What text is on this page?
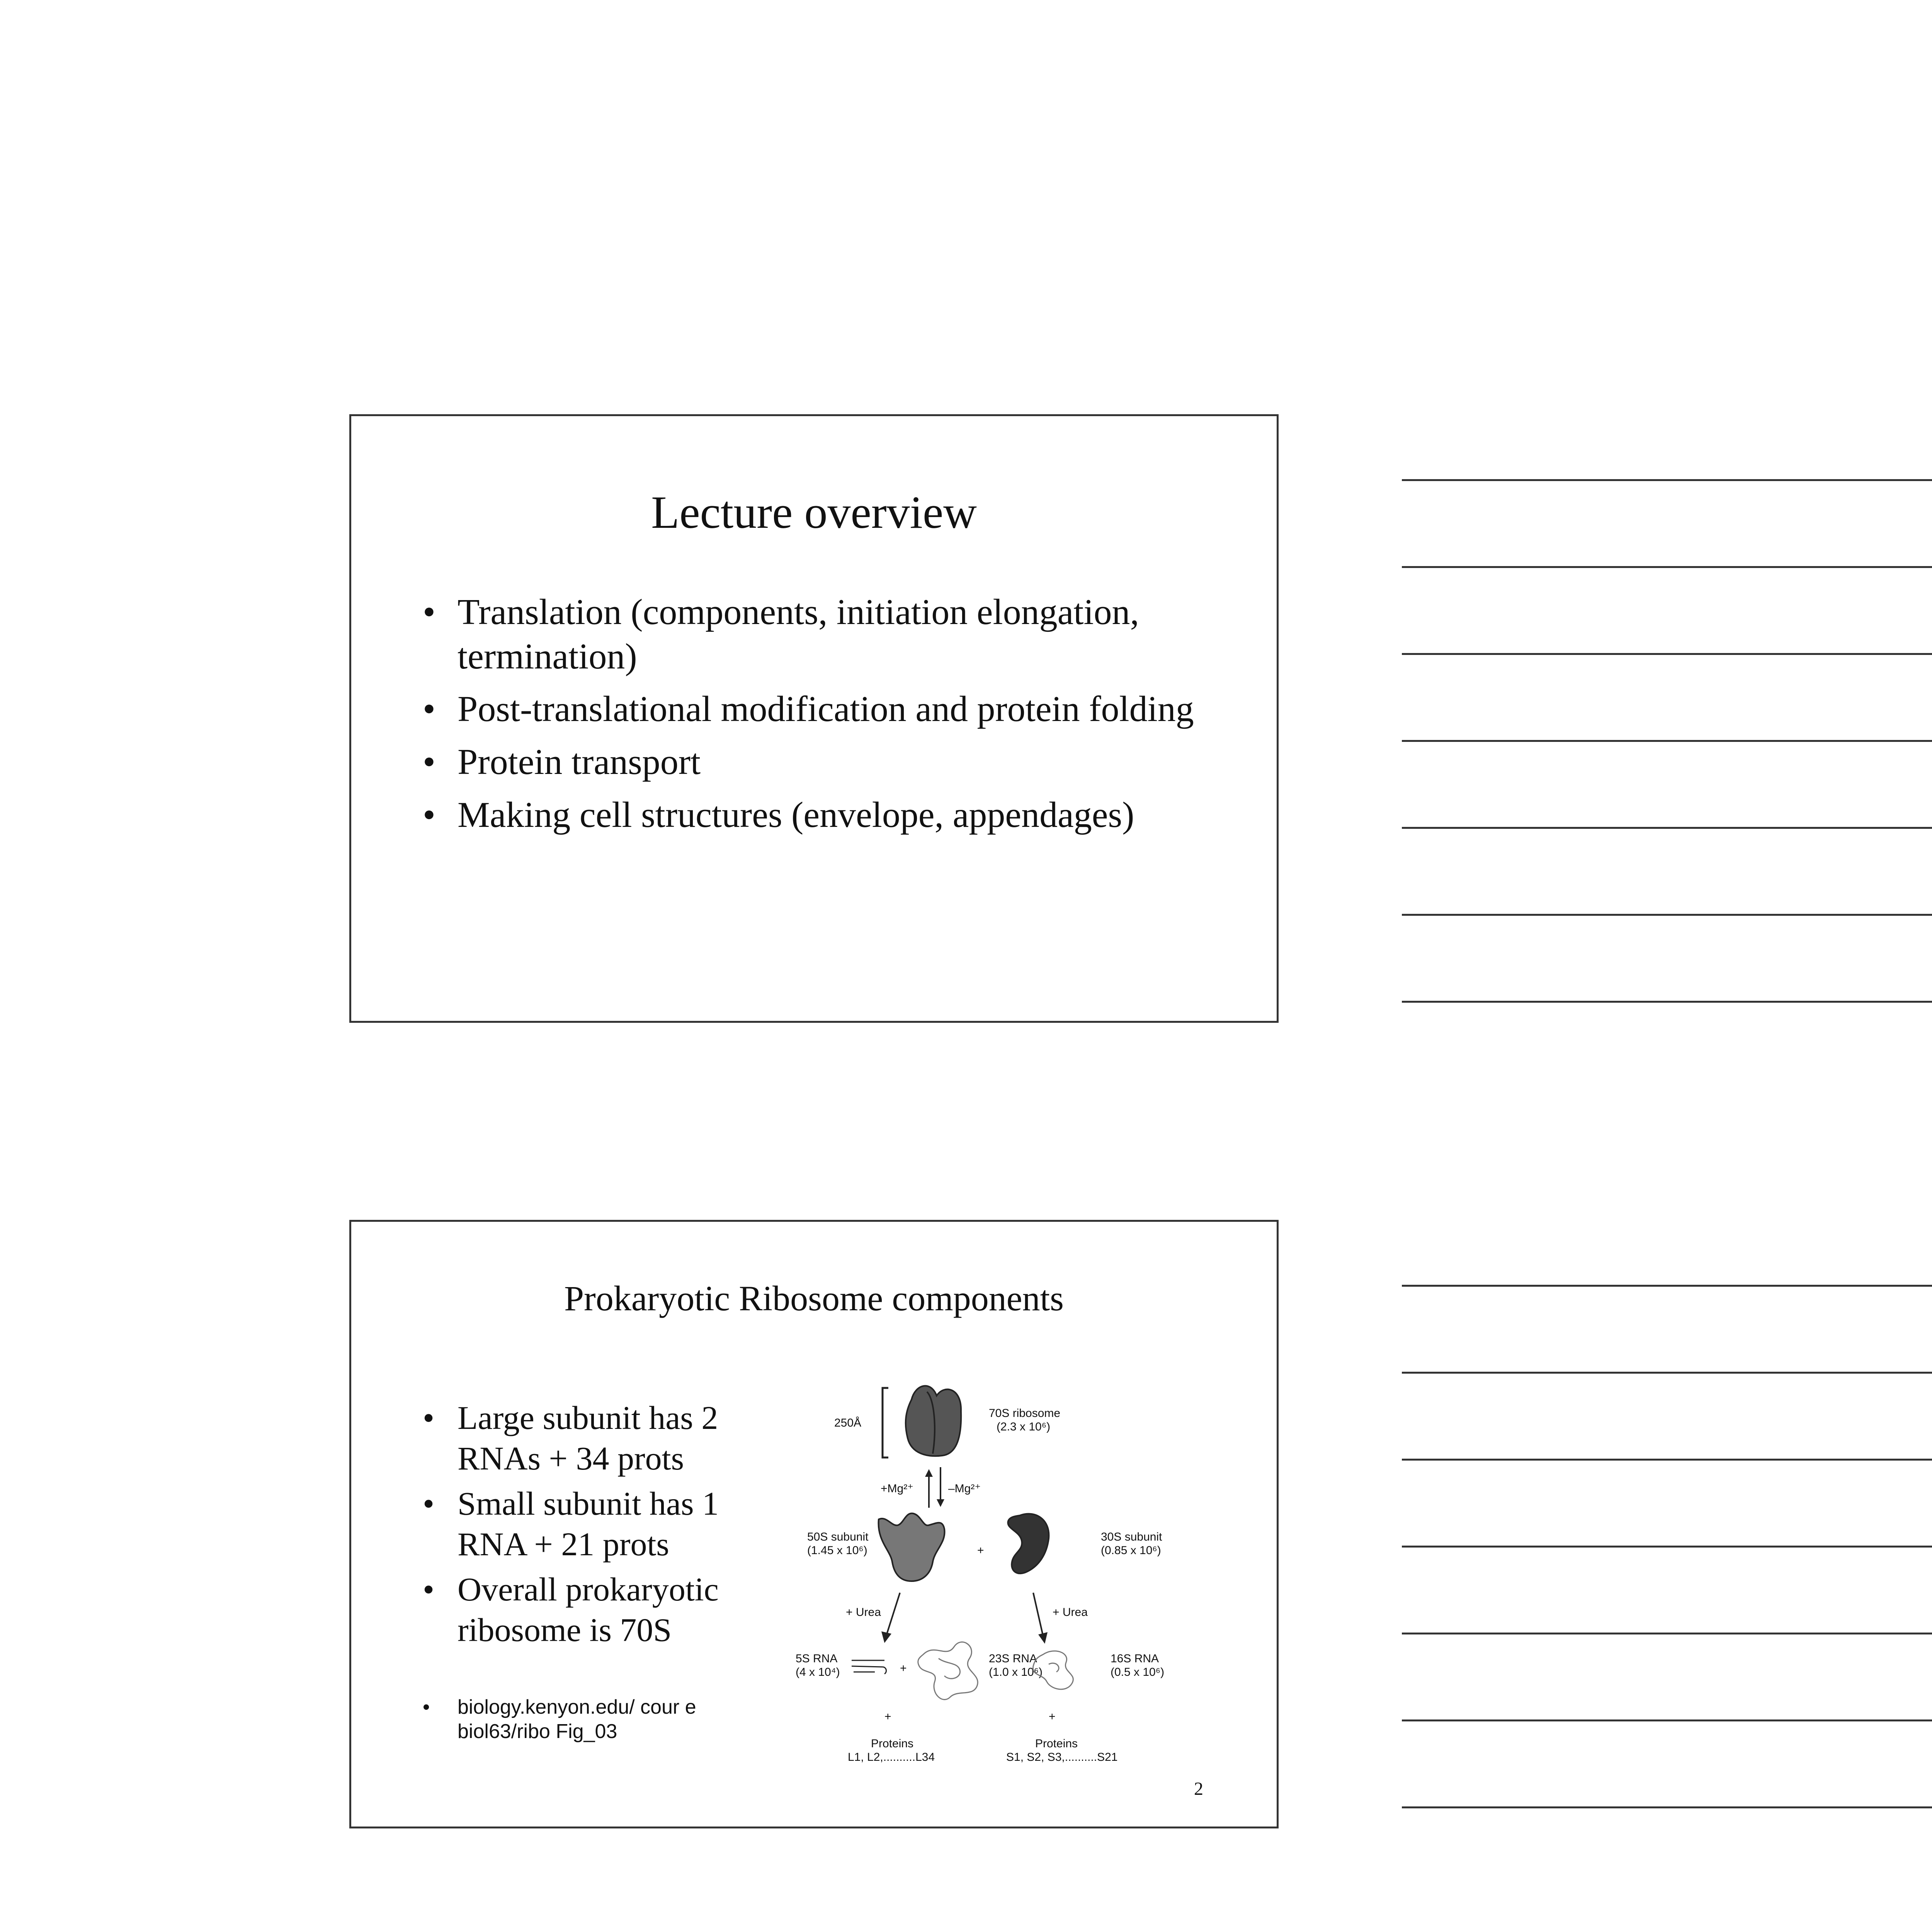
Lecture overview
• Translation (components, initiation elongation, termination)
• Post-translational modification and protein folding
• Protein transport
• Making cell structures (envelope, appendages)
Prokaryotic Ribosome components
• Large subunit has 2 RNAs + 34 prots
• Small subunit has 1 RNA + 21 prots
• Overall prokaryotic ribosome is 70S
• biology.kenyon.edu/ cour e biol63/ribo Fig_03
250Å
70S ribosome
(2.3 x 10⁶)
+Mg²⁺	–Mg²⁺
50S subunit
(1.45 x 10⁶)	+
30S subunit
(0.85 x 10⁶)
+ Urea	+ Urea
5S RNA
(4 x 10⁴)	+
23S RNA
(1.0 x 10⁶)
16S RNA
(0.5 x 10⁶)
+
Proteins
L1, L2,..........L34
+
Proteins
S1, S2, S3,..........S21
2
